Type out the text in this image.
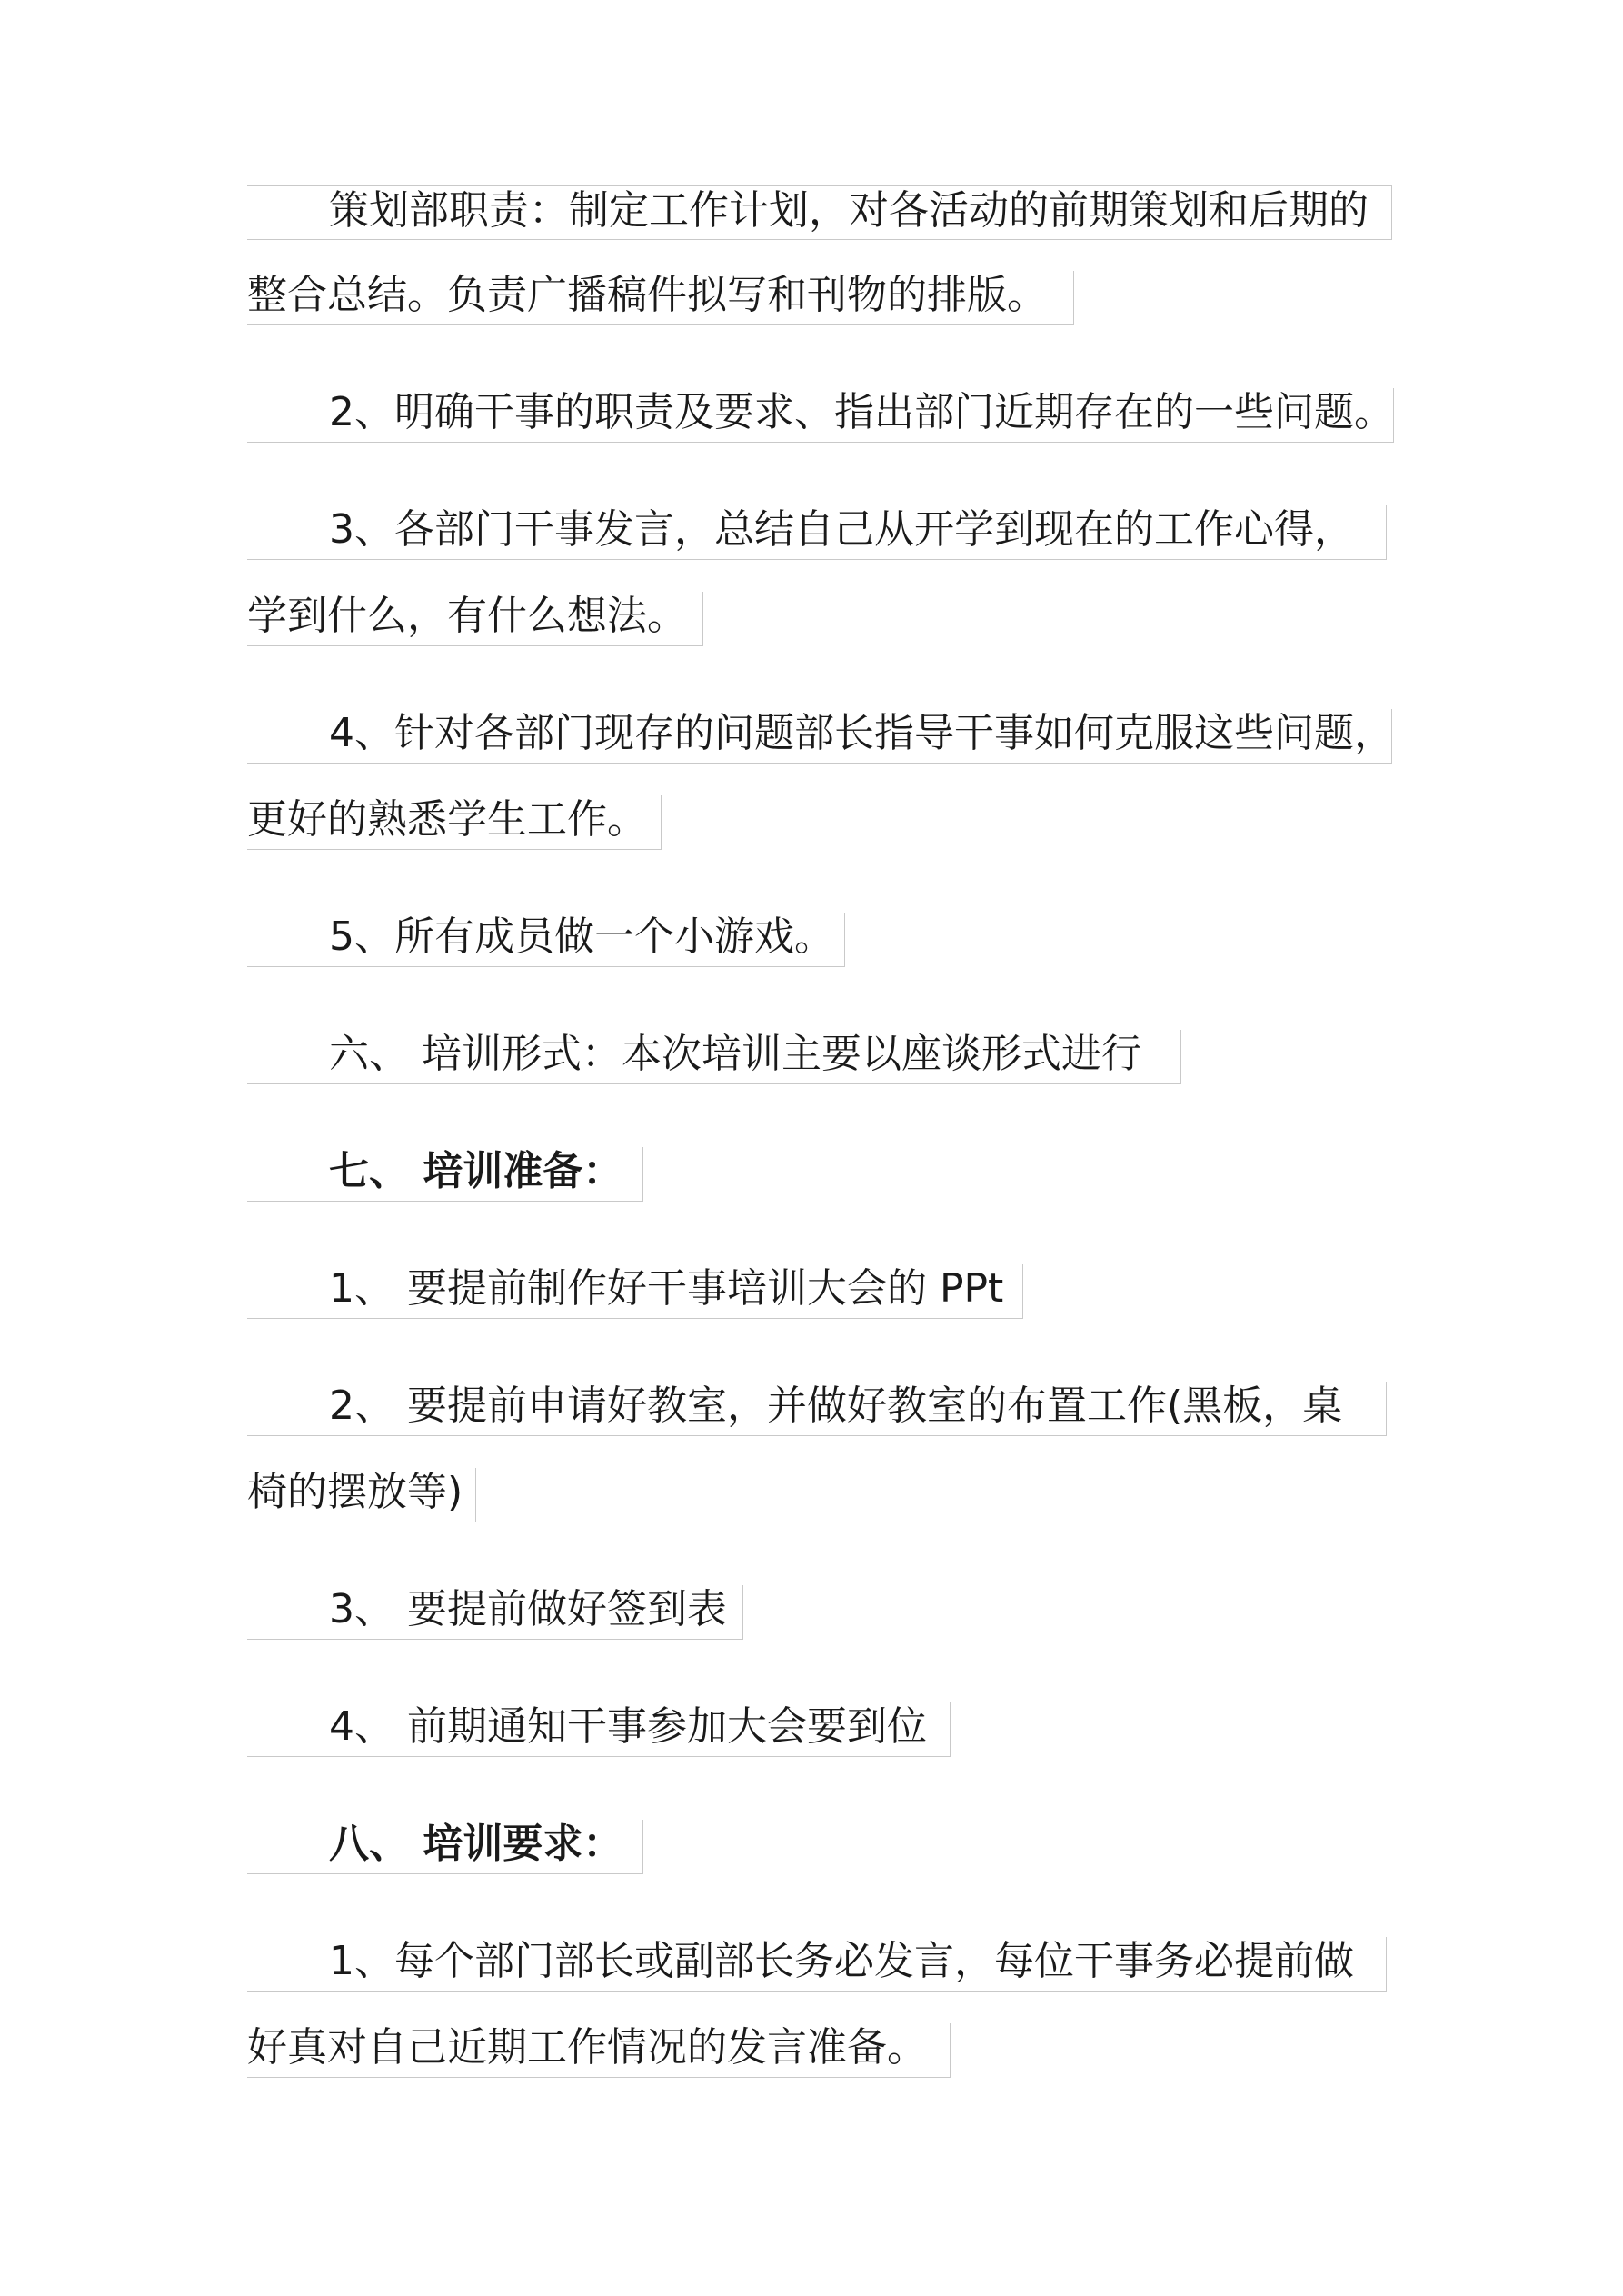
策划部职责：制定工作计划，对各活动的前期策划和后期的
整合总结。负责广播稿件拟写和刊物的排版。
2、明确干事的职责及要求、指出部门近期存在的一些问题。
3、各部门干事发言，总结自己从开学到现在的工作心得，
学到什么，有什么想法。
4、针对各部门现存的问题部长指导干事如何克服这些问题，
更好的熟悉学生工作。
5、所有成员做一个小游戏。
六、 培训形式：本次培训主要以座谈形式进行
七、 培训准备：
1、 要提前制作好干事培训大会的 PPt
2、 要提前申请好教室，并做好教室的布置工作(黑板，桌
椅的摆放等)
3、 要提前做好签到表
4、 前期通知干事参加大会要到位
八、 培训要求：
1、每个部门部长或副部长务必发言，每位干事务必提前做
好真对自己近期工作情况的发言准备。
